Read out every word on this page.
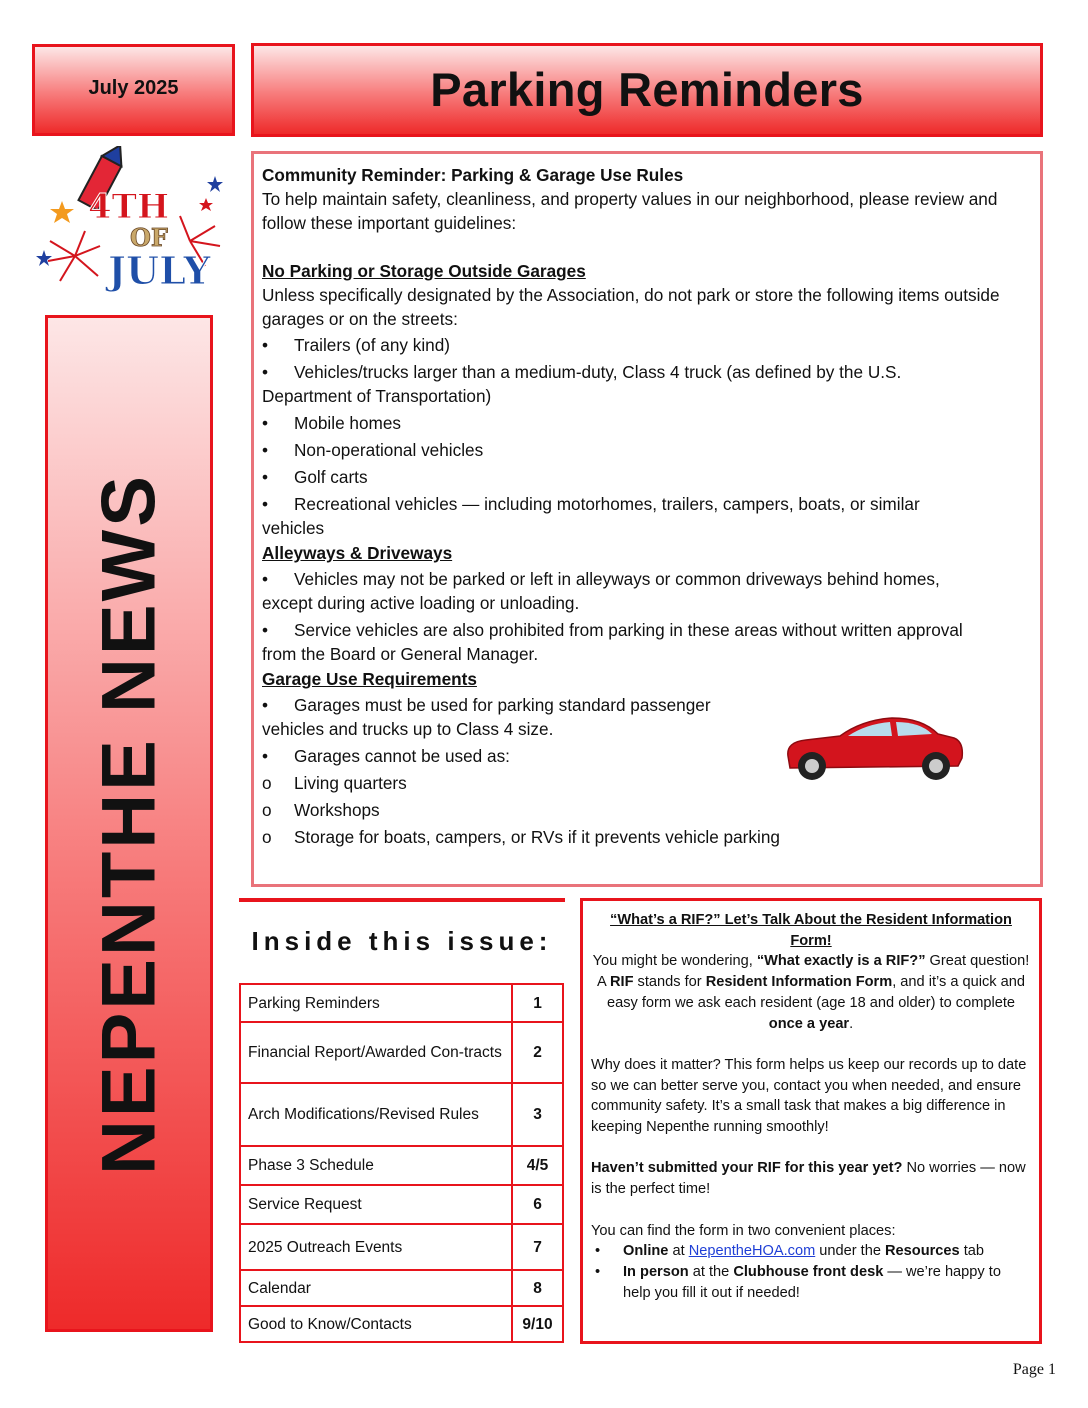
July 2025	Parking Reminders
4TH
OF
JULY
NEPENTHE NEWS

Community Reminder: Parking & Garage Use Rules

To help maintain safety, cleanliness, and property values in our neighborhood, please review and follow these important guidelines:

No Parking or Storage Outside Garages

Unless specifically designated by the Association, do not park or store the following items outside garages or on the streets:

• Trailers (of any kind)

• Vehicles/trucks larger than a medium-duty, Class 4 truck (as defined by the U.S.
Department of Transportation)

• Mobile homes

• Non-operational vehicles

• Golf carts

• Recreational vehicles — including motorhomes, trailers, campers, boats, or similar
vehicles

Alleyways & Driveways

• Vehicles may not be parked or left in alleyways or common driveways behind homes,
except during active loading or unloading.

• Service vehicles are also prohibited from parking in these areas without written approval
from the Board or General Manager.

Garage Use Requirements

• Garages must be used for parking standard passenger
vehicles and trucks up to Class 4 size.

• Garages cannot be used as:

o Living quarters

o Workshops

o Storage for boats, campers, or RVs if it prevents vehicle parking

Inside this issue:
Parking Reminders	1
Financial Report/Awarded Con-tracts	2
Arch Modifications/Revised Rules	3
Phase 3 Schedule	4/5
Service Request	6
2025 Outreach Events	7
Calendar	8
Good to Know/Contacts	9/10

“What’s a RIF?” Let’s Talk About the Resident Information Form!

You might be wondering, “What exactly is a RIF?” Great question! A RIF stands for Resident Information Form, and it’s a quick and easy form we ask each resident (age 18 and older) to complete once a year.

Why does it matter? This form helps us keep our records up to date so we can better serve you, contact you when needed, and ensure community safety. It’s a small task that makes a big difference in keeping Nepenthe running smoothly!

Haven’t submitted your RIF for this year yet? No worries — now is the perfect time!

You can find the form in two convenient places:

• Online at NepentheHOA.com under the Resources tab

• In person at the Clubhouse front desk — we’re happy to help you fill it out if needed!

Page 1
